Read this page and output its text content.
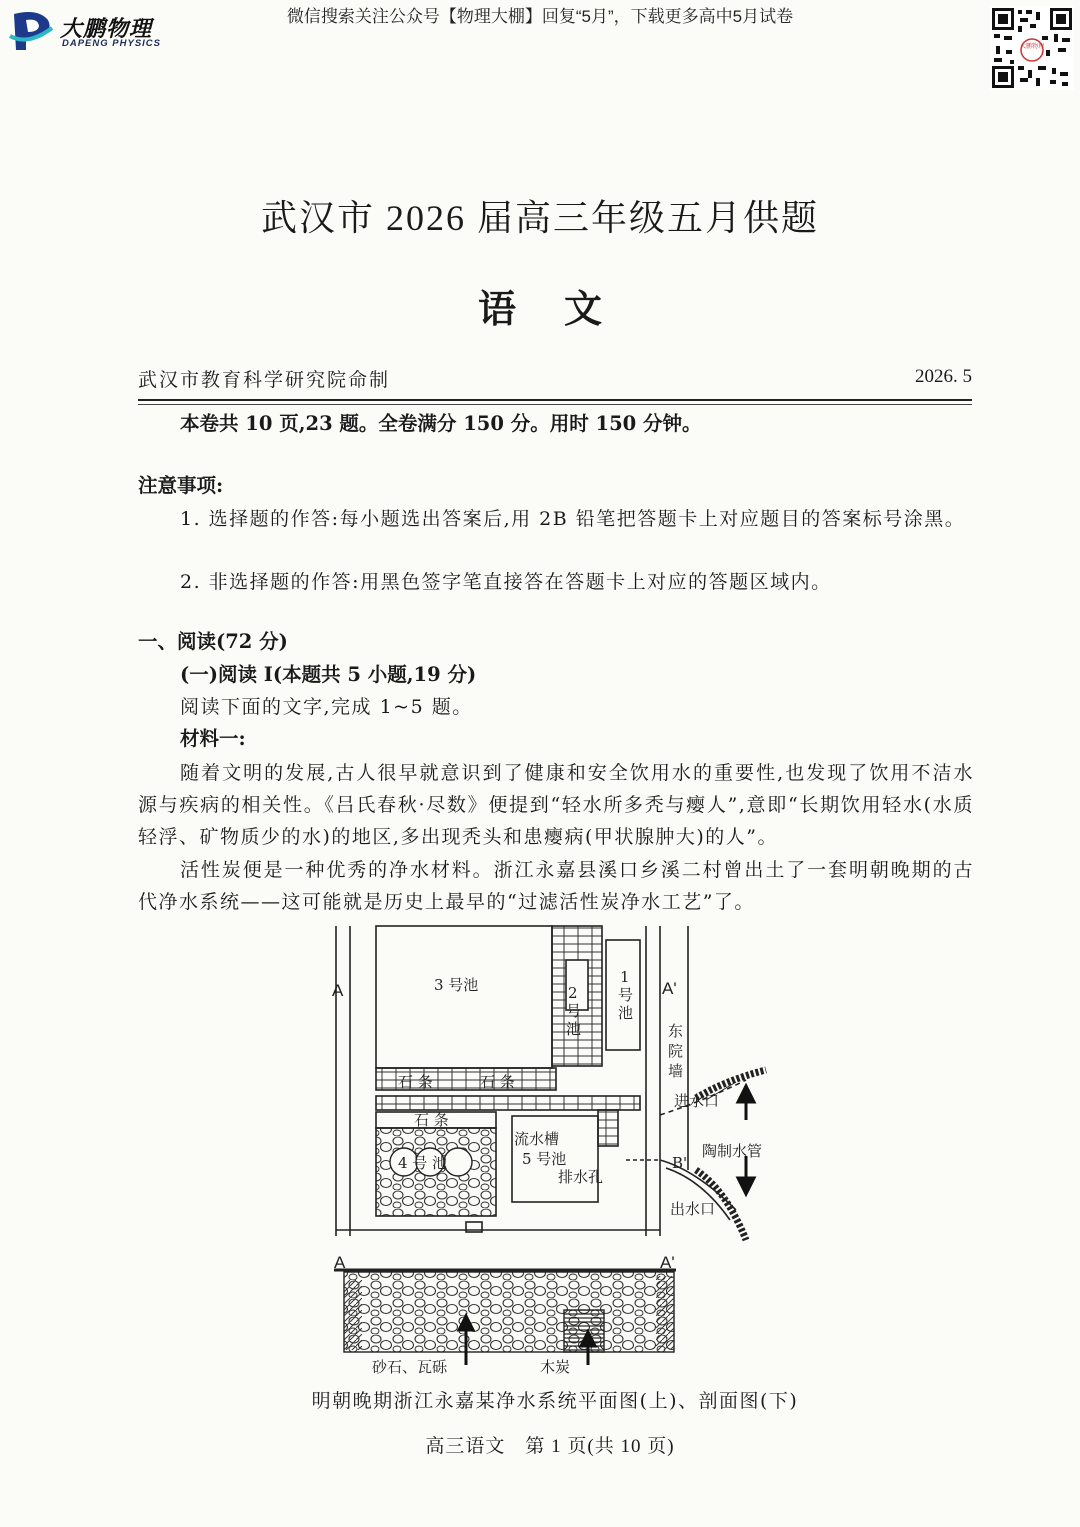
大鹏物理
DAPENG PHYSICS
微信搜索关注公众号【物理大棚】回复“5月”，下载更多高中5月试卷
大鹏物理
武汉市 2026 届高三年级五月供题
语文
武汉市教育科学研究院命制	2026. 5
本卷共 10 页,23 题。全卷满分 150 分。用时 150 分钟。
注意事项:
1. 选择题的作答:每小题选出答案后,用 2B 铅笔把答题卡上对应题目的答案标号涂黑。
2. 非选择题的作答:用黑色签字笔直接答在答题卡上对应的答题区域内。
一、阅读(72 分)
(一)阅读 I(本题共 5 小题,19 分)
阅读下面的文字,完成 1~5 题。
材料一:
随着文明的发展,古人很早就意识到了健康和安全饮用水的重要性,也发现了饮用不洁水源与疾病的相关性。《吕氏春秋·尽数》便提到“轻水所多秃与瘿人”,意即“长期饮用轻水(水质轻浮、矿物质少的水)的地区,多出现秃头和患瘿病(甲状腺肿大)的人”。
活性炭便是一种优秀的净水材料。浙江永嘉县溪口乡溪二村曾出土了一套明朝晚期的古代净水系统——这可能就是历史上最早的“过滤活性炭净水工艺”了。
A	A'
3 号池	2
号
池
1
号
池
东
院
墙
石 条	石 条
石 条
流水槽
5 号池
4 号 池
排水孔
进水口
陶制水管
出水口
B'
A	A'
砂石、瓦砾	木炭
明朝晚期浙江永嘉某净水系统平面图(上)、剖面图(下)
高三语文　第 1 页(共 10 页)
